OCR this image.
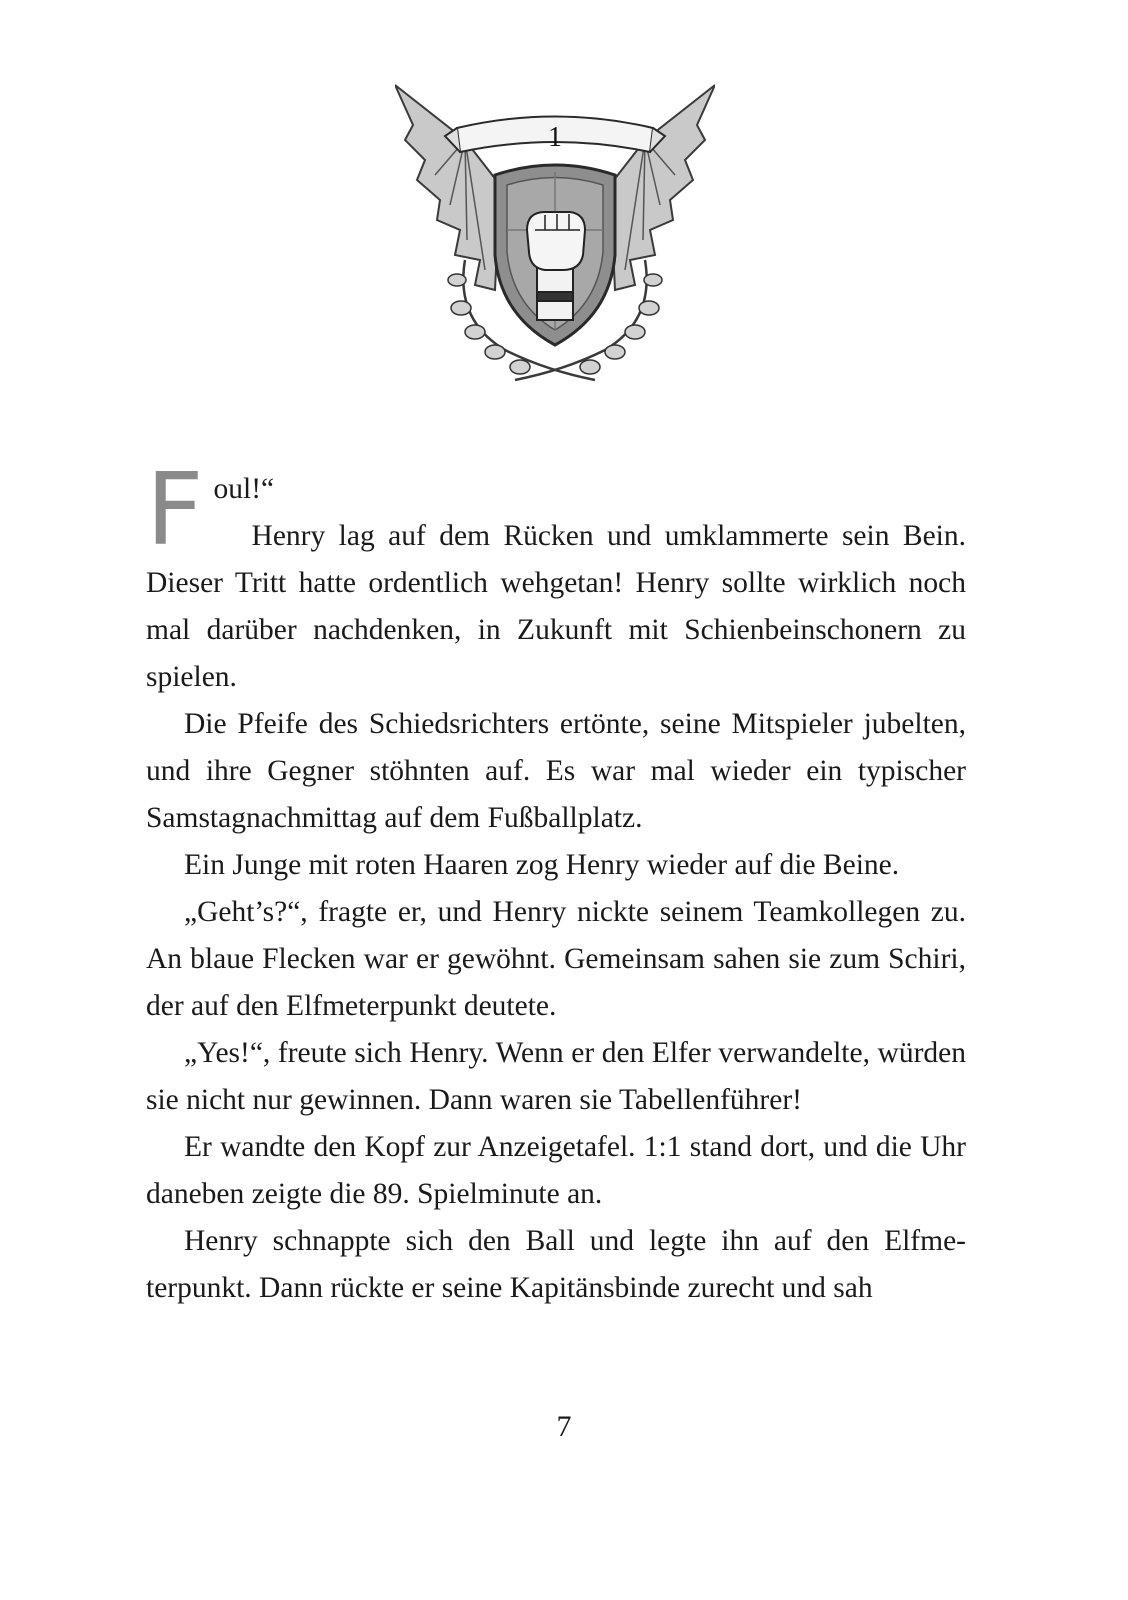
1
F oul!“

Henry lag auf dem Rücken und umklammerte sein Bein. Dieser Tritt hatte ordentlich wehgetan! Henry sollte wirklich noch mal darüber nachdenken, in Zukunft mit Schienbeinschonern zu spielen.

Die Pfeife des Schiedsrichters ertönte, seine Mitspieler jubelten, und ihre Gegner stöhnten auf. Es war mal wieder ein typischer Samstagnachmittag auf dem Fußballplatz.

Ein Junge mit roten Haaren zog Henry wieder auf die Beine.

„Geht’s?“, fragte er, und Henry nickte seinem Teamkollegen zu. An blaue Flecken war er gewöhnt. Gemeinsam sahen sie zum Schiri, der auf den Elfmeterpunkt deutete.

„Yes!“, freute sich Henry. Wenn er den Elfer verwandelte, würden sie nicht nur gewinnen. Dann waren sie Tabellenführer!

Er wandte den Kopf zur Anzeigetafel. 1:1 stand dort, und die Uhr daneben zeigte die 89. Spielminute an.

Henry schnappte sich den Ball und legte ihn auf den Elfmeterpunkt. Dann rückte er seine Kapitänsbinde zurecht und sah

7
